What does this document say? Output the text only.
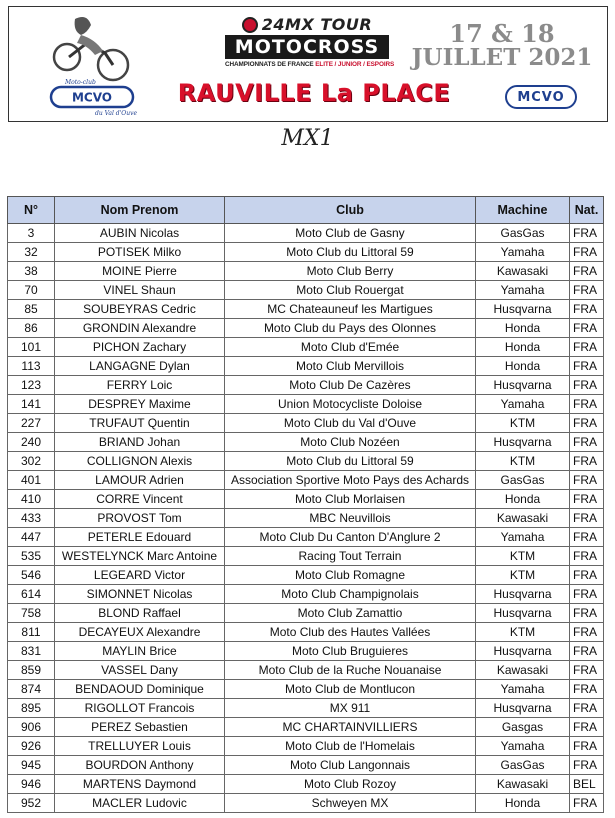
MCVO
Moto-club
du Val d'Ouve
24MX TOUR
MOTOCROSS
CHAMPIONNATS DE FRANCE ELITE / JUNIOR / ESPOIRS
RAUVILLE La PLACE
17 & 18
JUILLET 2021
MCVO
MX1
N°	Nom Prenom	Club	Machine	Nat.
3	AUBIN Nicolas	Moto Club de Gasny	GasGas	FRA
32	POTISEK Milko	Moto Club du Littoral 59	Yamaha	FRA
38	MOINE Pierre	Moto Club Berry	Kawasaki	FRA
70	VINEL Shaun	Moto Club Rouergat	Yamaha	FRA
85	SOUBEYRAS Cedric	MC Chateauneuf les Martigues	Husqvarna	FRA
86	GRONDIN Alexandre	Moto Club du Pays des Olonnes	Honda	FRA
101	PICHON Zachary	Moto Club d'Emée	Honda	FRA
113	LANGAGNE Dylan	Moto Club Mervillois	Honda	FRA
123	FERRY Loic	Moto Club De Cazères	Husqvarna	FRA
141	DESPREY Maxime	Union Motocycliste Doloise	Yamaha	FRA
227	TRUFAUT Quentin	Moto Club du Val d'Ouve	KTM	FRA
240	BRIAND Johan	Moto Club Nozéen	Husqvarna	FRA
302	COLLIGNON Alexis	Moto Club du Littoral 59	KTM	FRA
401	LAMOUR Adrien	Association Sportive Moto Pays des Achards	GasGas	FRA
410	CORRE Vincent	Moto Club Morlaisen	Honda	FRA
433	PROVOST Tom	MBC Neuvillois	Kawasaki	FRA
447	PETERLE Edouard	Moto Club Du Canton D'Anglure 2	Yamaha	FRA
535	WESTELYNCK Marc Antoine	Racing Tout Terrain	KTM	FRA
546	LEGEARD Victor	Moto Club Romagne	KTM	FRA
614	SIMONNET Nicolas	Moto Club Champignolais	Husqvarna	FRA
758	BLOND Raffael	Moto Club Zamattio	Husqvarna	FRA
811	DECAYEUX Alexandre	Moto Club des Hautes Vallées	KTM	FRA
831	MAYLIN Brice	Moto Club Bruguieres	Husqvarna	FRA
859	VASSEL Dany	Moto Club de la Ruche Nouanaise	Kawasaki	FRA
874	BENDAOUD Dominique	Moto Club de Montlucon	Yamaha	FRA
895	RIGOLLOT Francois	MX 911	Husqvarna	FRA
906	PEREZ Sebastien	MC CHARTAINVILLIERS	Gasgas	FRA
926	TRELLUYER Louis	Moto Club de l'Homelais	Yamaha	FRA
945	BOURDON Anthony	Moto Club Langonnais	GasGas	FRA
946	MARTENS Daymond	Moto Club Rozoy	Kawasaki	BEL
952	MACLER Ludovic	Schweyen MX	Honda	FRA
